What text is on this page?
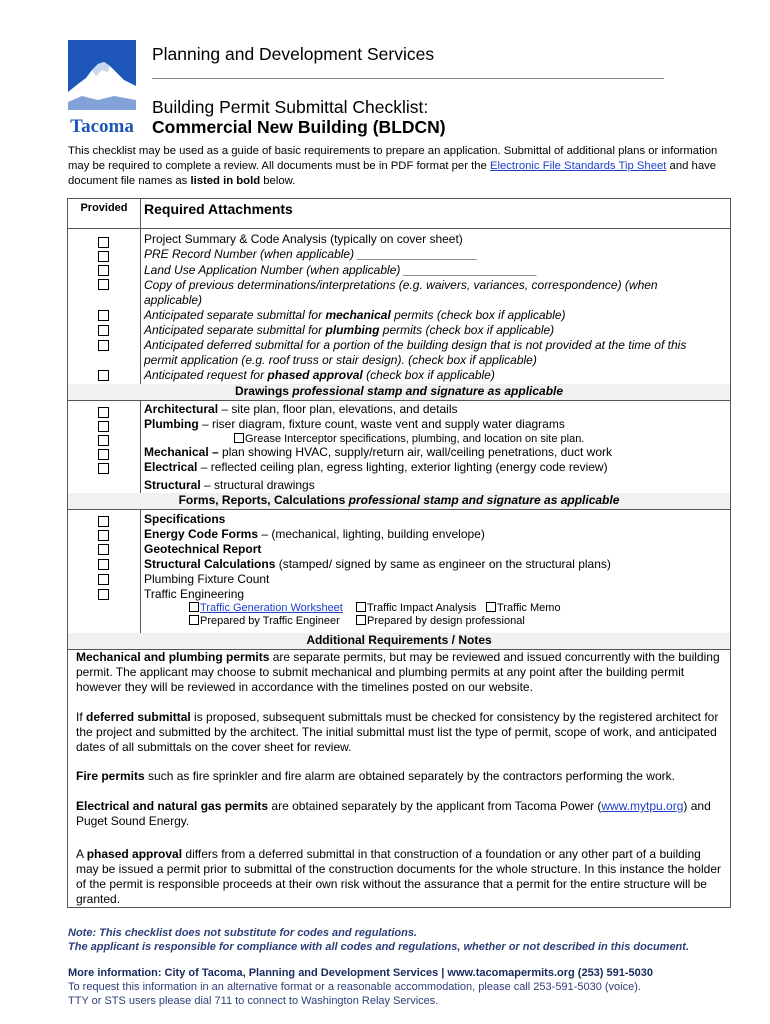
Tacoma
Planning and Development Services
Building Permit Submittal Checklist:
Commercial New Building (BLDCN)
This checklist may be used as a guide of basic requirements to prepare an application. Submittal of additional plans or information may be required to complete a review. All documents must be in PDF format per the Electronic File Standards Tip Sheet and have document file names as listed in bold below.
Provided	Required Attachments
Project Summary & Code Analysis (typically on cover sheet)
PRE Record Number (when applicable) __________________
Land Use Application Number (when applicable) ____________________
Copy of previous determinations/interpretations (e.g. waivers, variances, correspondence) (when
applicable)
Anticipated separate submittal for mechanical permits (check box if applicable)
Anticipated separate submittal for plumbing permits (check box if applicable)
Anticipated deferred submittal for a portion of the building design that is not provided at the time of this
permit application (e.g. roof truss or stair design). (check box if applicable)
Anticipated request for phased approval (check box if applicable)
Drawings professional stamp and signature as applicable
Architectural – site plan, floor plan, elevations, and details
Plumbing – riser diagram, fixture count, waste vent and supply water diagrams
Grease Interceptor specifications, plumbing, and location on site plan.
Mechanical – plan showing HVAC, supply/return air, wall/ceiling penetrations, duct work
Electrical – reflected ceiling plan, egress lighting, exterior lighting (energy code review)
Structural – structural drawings
Forms, Reports, Calculations professional stamp and signature as applicable
Specifications
Energy Code Forms – (mechanical, lighting, building envelope)
Geotechnical Report
Structural Calculations (stamped/ signed by same as engineer on the structural plans)
Plumbing Fixture Count
Traffic Engineering
Traffic Generation Worksheet	Traffic Impact Analysis	Traffic Memo
Prepared by Traffic Engineer	Prepared by design professional
Additional Requirements / Notes
Mechanical and plumbing permits are separate permits, but may be reviewed and issued concurrently with the building permit. The applicant may choose to submit mechanical and plumbing permits at any point after the building permit however they will be reviewed in accordance with the timelines posted on our website.
If deferred submittal is proposed, subsequent submittals must be checked for consistency by the registered architect for the project and submitted by the architect. The initial submittal must list the type of permit, scope of work, and anticipated dates of all submittals on the cover sheet for review.
Fire permits such as fire sprinkler and fire alarm are obtained separately by the contractors performing the work.
Electrical and natural gas permits are obtained separately by the applicant from Tacoma Power (www.mytpu.org) and Puget Sound Energy.
A phased approval differs from a deferred submittal in that construction of a foundation or any other part of a building may be issued a permit prior to submittal of the construction documents for the whole structure. In this instance the holder of the permit is responsible proceeds at their own risk without the assurance that a permit for the entire structure will be granted.
Note: This checklist does not substitute for codes and regulations.
The applicant is responsible for compliance with all codes and regulations, whether or not described in this document.
More information: City of Tacoma, Planning and Development Services | www.tacomapermits.org (253) 591-5030
To request this information in an alternative format or a reasonable accommodation, please call 253-591-5030 (voice).
TTY or STS users please dial 711 to connect to Washington Relay Services.
